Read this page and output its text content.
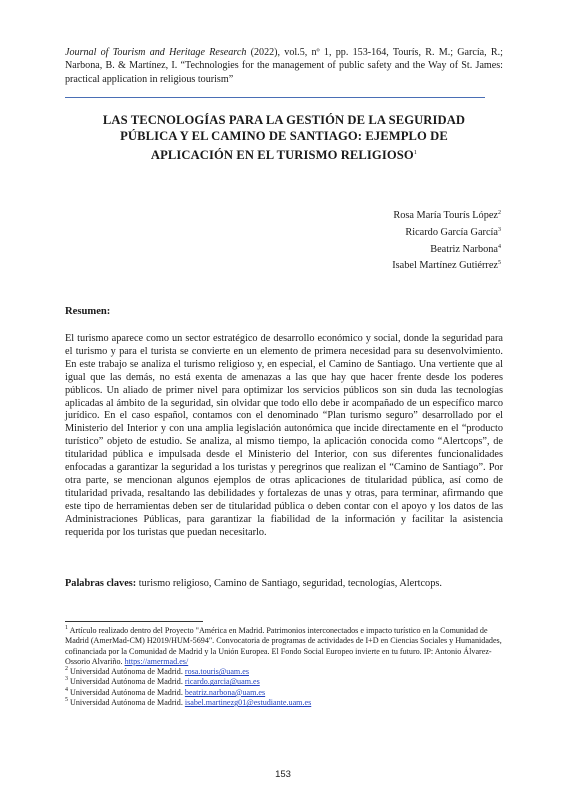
Journal of Tourism and Heritage Research (2022), vol.5, nº 1, pp. 153-164, Tourís, R. M.; García, R.; Narbona, B. & Martínez, I. “Technologies for the management of public safety and the Way of St. James: practical application in religious tourism”
LAS TECNOLOGÍAS PARA LA GESTIÓN DE LA SEGURIDAD PÚBLICA Y EL CAMINO DE SANTIAGO: EJEMPLO DE APLICACIÓN EN EL TURISMO RELIGIOSO$^1$
Rosa María Tourís López$^2$
Ricardo García García$^3$
Beatriz Narbona$^4$
Isabel Martínez Gutiérrez$^5$
Resumen:
El turismo aparece como un sector estratégico de desarrollo económico y social, donde la seguridad para el turismo y para el turista se convierte en un elemento de primera necesidad para su desenvolvimiento. En este trabajo se analiza el turismo religioso y, en especial, el Camino de Santiago. Una vertiente que al igual que las demás, no está exenta de amenazas a las que hay que hacer frente desde los poderes públicos. Un aliado de primer nivel para optimizar los servicios públicos son sin duda las tecnologías aplicadas al ámbito de la seguridad, sin olvidar que todo ello debe ir acompañado de un específico marco jurídico. En el caso español, contamos con el denominado “Plan turismo seguro” desarrollado por el Ministerio del Interior y con una amplia legislación autonómica que incide directamente en el “producto turístico” objeto de estudio. Se analiza, al mismo tiempo, la aplicación conocida como “Alertcops”, de titularidad pública e impulsada desde el Ministerio del Interior, con sus diferentes funcionalidades enfocadas a garantizar la seguridad a los turistas y peregrinos que realizan el “Camino de Santiago”. Por otra parte, se mencionan algunos ejemplos de otras aplicaciones de titularidad pública, así como de titularidad privada, resaltando las debilidades y fortalezas de unas y otras, para terminar, afirmando que este tipo de herramientas deben ser de titularidad pública o deben contar con el apoyo y los datos de las Administraciones Públicas, para garantizar la fiabilidad de la información y facilitar la asistencia requerida por los turistas que puedan necesitarlo.
Palabras claves: turismo religioso, Camino de Santiago, seguridad, tecnologías, Alertcops.

$^1$ Artículo realizado dentro del Proyecto "América en Madrid. Patrimonios interconectados e impacto turístico en la Comunidad de Madrid (AmerMad-CM) H2019/HUM-5694". Convocatoria de programas de actividades de I+D en Ciencias Sociales y Humanidades, cofinanciada por la Comunidad de Madrid y la Unión Europea. El Fondo Social Europeo invierte en tu futuro. IP: Antonio Álvarez-Ossorio Alvariño. https://amermad.es/

$^2$ Universidad Autónoma de Madrid. rosa.touris@uam.es

$^3$ Universidad Autónoma de Madrid. ricardo.garcia@uam.es

$^4$ Universidad Autónoma de Madrid. beatriz.narbona@uam.es

$^5$ Universidad Autónoma de Madrid. isabel.martinezg01@estudiante.uam.es

153
